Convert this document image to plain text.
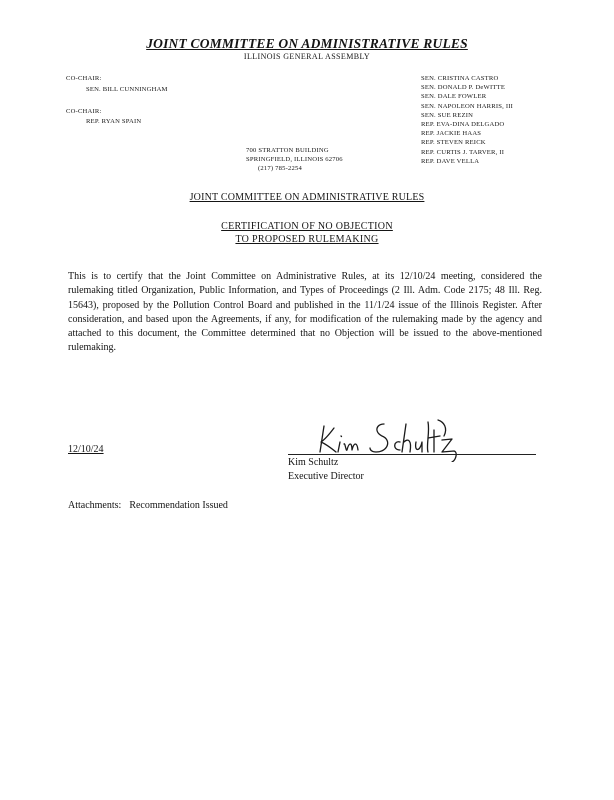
JOINT COMMITTEE ON ADMINISTRATIVE RULES
ILLINOIS GENERAL ASSEMBLY
CO-CHAIR:
SEN. BILL CUNNINGHAM
CO-CHAIR:
REP. RYAN SPAIN
SEN. CRISTINA CASTRO
SEN. DONALD P. DeWITTE
SEN. DALE FOWLER
SEN. NAPOLEON HARRIS, III
SEN. SUE REZIN
REP. EVA-DINA DELGADO
REP. JACKIE HAAS
REP. STEVEN REICK
REP. CURTIS J. TARVER, II
REP. DAVE VELLA
700 STRATTON BUILDING
SPRINGFIELD, ILLINOIS 62706
(217) 785-2254
JOINT COMMITTEE ON ADMINISTRATIVE RULES
CERTIFICATION OF NO OBJECTION
TO PROPOSED RULEMAKING
This is to certify that the Joint Committee on Administrative Rules, at its 12/10/24 meeting, considered the rulemaking titled Organization, Public Information, and Types of Proceedings (2 Ill. Adm. Code 2175; 48 Ill. Reg. 15643), proposed by the Pollution Control Board and published in the 11/1/24 issue of the Illinois Register. After consideration, and based upon the Agreements, if any, for modification of the rulemaking made by the agency and attached to this document, the Committee determined that no Objection will be issued to the above-mentioned rulemaking.
12/10/24
Kim Schultz
Executive Director
Attachments: Recommendation Issued
